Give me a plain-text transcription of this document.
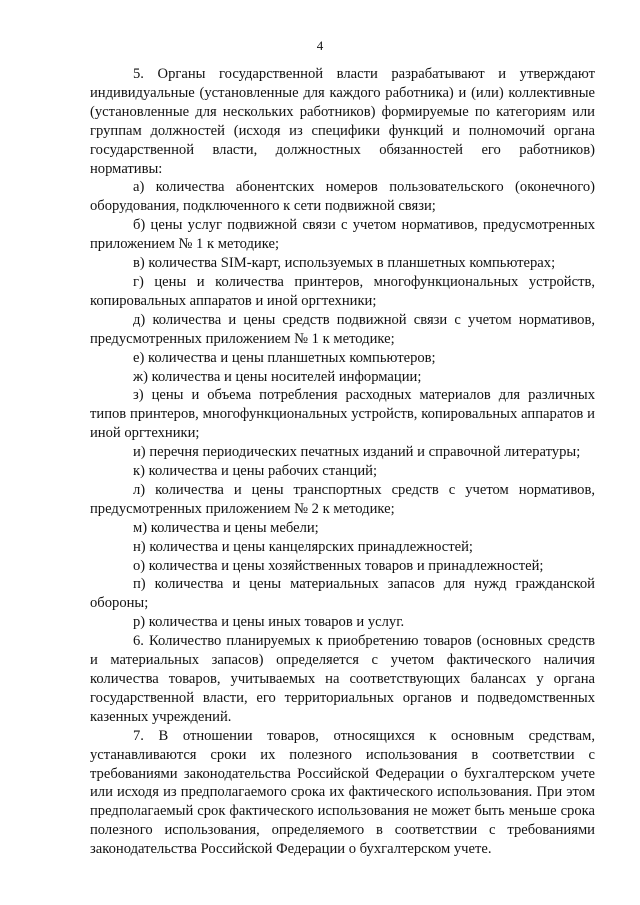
4

5. Органы государственной власти разрабатывают и утверждают индивидуальные (установленные для каждого работника) и (или) коллективные (установленные для нескольких работников) формируемые по категориям или группам должностей (исходя из специфики функций и полномочий органа государственной власти, должностных обязанностей его работников) нормативы:

а) количества абонентских номеров пользовательского (оконечного) оборудования, подключенного к сети подвижной связи;

б) цены услуг подвижной связи с учетом нормативов, предусмотренных приложением № 1 к методике;

в) количества SIM-карт, используемых в планшетных компьютерах;

г) цены и количества принтеров, многофункциональных устройств, копировальных аппаратов и иной оргтехники;

д) количества и цены средств подвижной связи с учетом нормативов, предусмотренных приложением № 1 к методике;

е) количества и цены планшетных компьютеров;

ж) количества и цены носителей информации;

з) цены и объема потребления расходных материалов для различных типов принтеров, многофункциональных устройств, копировальных аппаратов и иной оргтехники;

и) перечня периодических печатных изданий и справочной литературы;

к) количества и цены рабочих станций;

л) количества и цены транспортных средств с учетом нормативов, предусмотренных приложением № 2 к методике;

м) количества и цены мебели;

н) количества и цены канцелярских принадлежностей;

о) количества и цены хозяйственных товаров и принадлежностей;

п) количества и цены материальных запасов для нужд гражданской обороны;

р) количества и цены иных товаров и услуг.

6. Количество планируемых к приобретению товаров (основных средств и материальных запасов) определяется с учетом фактического наличия количества товаров, учитываемых на соответствующих балансах у органа государственной власти, его территориальных органов и подведомственных казенных учреждений.

7. В отношении товаров, относящихся к основным средствам, устанавливаются сроки их полезного использования в соответствии с требованиями законодательства Российской Федерации о бухгалтерском учете или исходя из предполагаемого срока их фактического использования. При этом предполагаемый срок фактического использования не может быть меньше срока полезного использования, определяемого в соответствии с требованиями законодательства Российской Федерации о бухгалтерском учете.
